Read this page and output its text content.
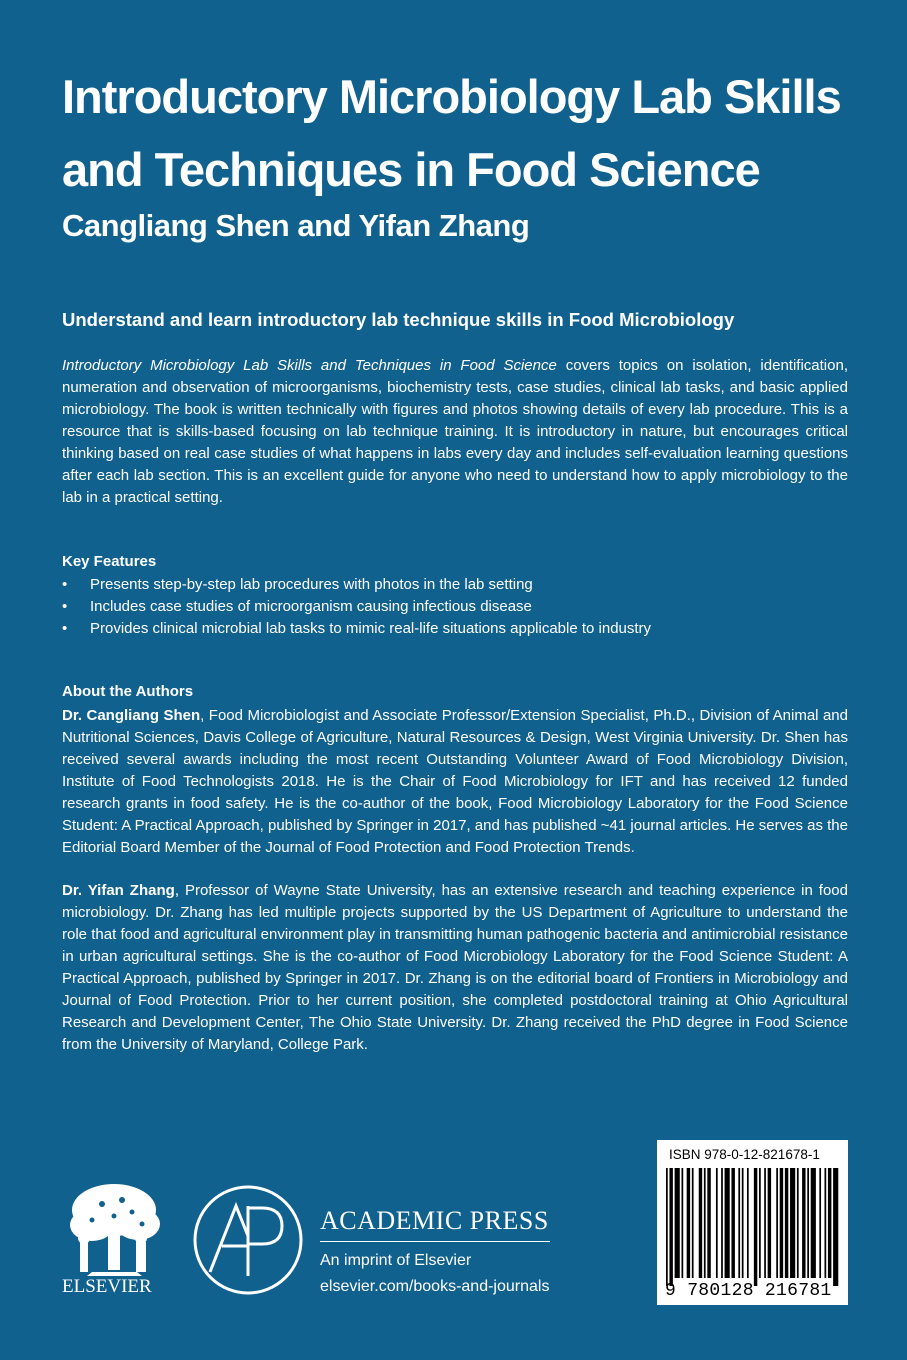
Introductory Microbiology Lab Skills and Techniques in Food Science
Cangliang Shen and Yifan Zhang
Understand and learn introductory lab technique skills in Food Microbiology
Introductory Microbiology Lab Skills and Techniques in Food Science covers topics on isolation, identification, numeration and observation of microorganisms, biochemistry tests, case studies, clinical lab tasks, and basic applied microbiology. The book is written technically with figures and photos showing details of every lab procedure. This is a resource that is skills-based focusing on lab technique training. It is introductory in nature, but encourages critical thinking based on real case studies of what happens in labs every day and includes self-evaluation learning questions after each lab section. This is an excellent guide for anyone who need to understand how to apply microbiology to the lab in a practical setting.
Key Features
• Presents step-by-step lab procedures with photos in the lab setting
• Includes case studies of microorganism causing infectious disease
• Provides clinical microbial lab tasks to mimic real-life situations applicable to industry
About the Authors
Dr. Cangliang Shen, Food Microbiologist and Associate Professor/Extension Specialist, Ph.D., Division of Animal and Nutritional Sciences, Davis College of Agriculture, Natural Resources & Design, West Virginia University. Dr. Shen has received several awards including the most recent Outstanding Volunteer Award of Food Microbiology Division, Institute of Food Technologists 2018. He is the Chair of Food Microbiology for IFT and has received 12 funded research grants in food safety. He is the co-author of the book, Food Microbiology Laboratory for the Food Science Student: A Practical Approach, published by Springer in 2017, and has published ~41 journal articles. He serves as the Editorial Board Member of the Journal of Food Protection and Food Protection Trends.
Dr. Yifan Zhang, Professor of Wayne State University, has an extensive research and teaching experience in food microbiology. Dr. Zhang has led multiple projects supported by the US Department of Agriculture to understand the role that food and agricultural environment play in transmitting human pathogenic bacteria and antimicrobial resistance in urban agricultural settings. She is the co-author of Food Microbiology Laboratory for the Food Science Student: A Practical Approach, published by Springer in 2017. Dr. Zhang is on the editorial board of Frontiers in Microbiology and Journal of Food Protection. Prior to her current position, she completed postdoctoral training at Ohio Agricultural Research and Development Center, The Ohio State University. Dr. Zhang received the PhD degree in Food Science from the University of Maryland, College Park.
ELSEVIER
ACADEMIC PRESS
An imprint of Elsevier
elsevier.com/books-and-journals
ISBN 978-0-12-821678-1
9 780128 216781
